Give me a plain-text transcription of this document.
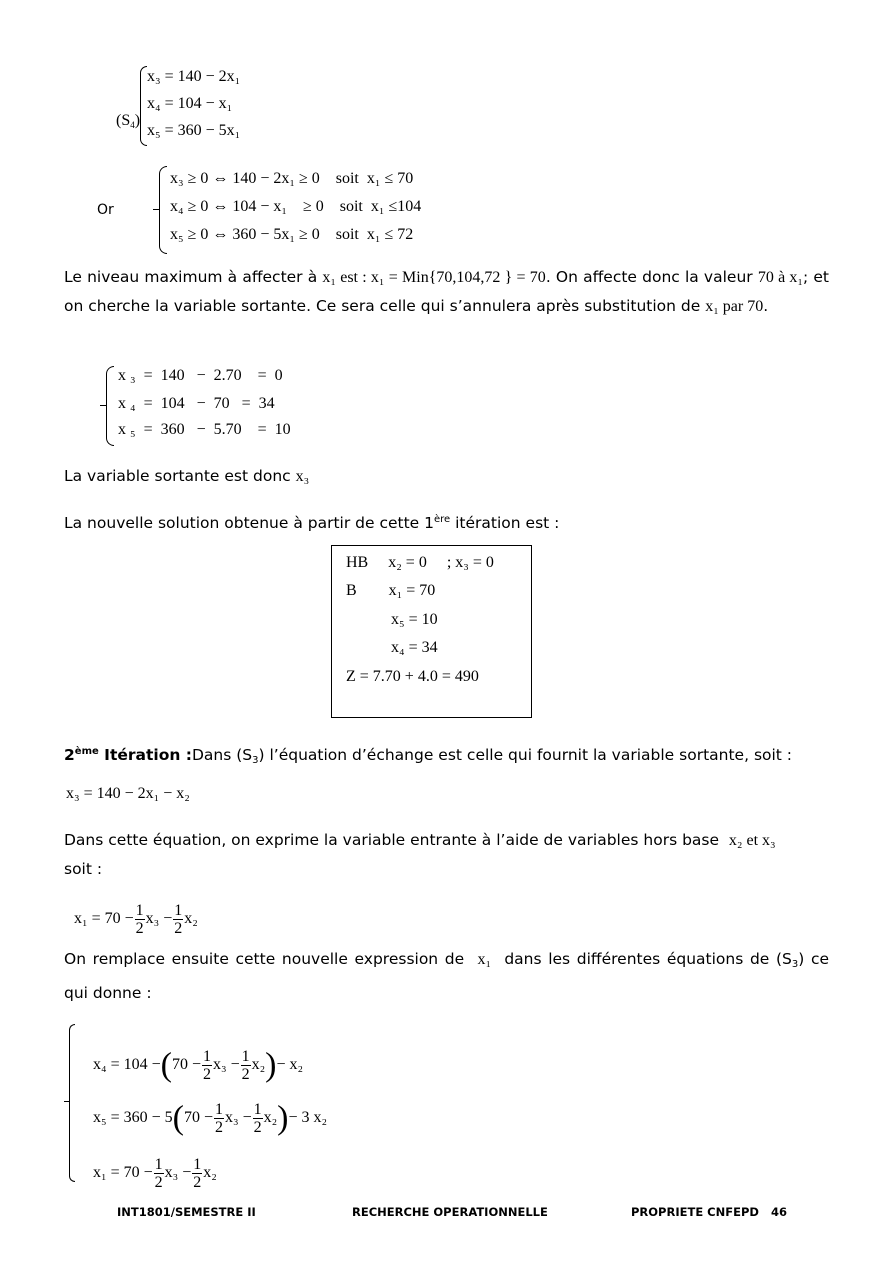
$(S_4)$

x₃ = 140 − 2x₁
x₄ = 104 − x₁
x₅ = 360 − 5x₁
Or
x₃ ≥ 0 ⇔ 140 − 2x₁ ≥ 0    soit  x₁ ≤ 70
x₄ ≥ 0 ⇔ 104 − x₁    ≥ 0    soit  x₁ ≤104
x₅ ≥ 0 ⇔ 360 − 5x₁ ≥ 0    soit  x₁ ≤ 72
Le niveau maximum à affecter à x₁ est : x₁ = Min{70,104,72 } = 70. On affecte donc la valeur 70 à x₁; et on cherche la variable sortante. Ce sera celle qui s’annulera après substitution de x₁ par 70.
x ₃  =  140   −  2.70    =  0
x ₄  =  104   −  70   =  34
x ₅  =  360   −  5.70    =  10
La variable sortante est donc x₃
La nouvelle solution obtenue à partir de cette 1ère itération est :
HB     x₂ = 0     ; x₃ = 0
B        x₁ = 70
x₅ = 10
x₄ = 34
Z = 7.70 + 4.0 = 490
2ème Itération :Dans $(S_3)$ l’équation d’échange est celle qui fournit la variable sortante, soit :
x₃ = 140 − 2x₁ − x₂
Dans cette équation, on exprime la variable entrante à l’aide de variables hors base x₂ et x₃
soit :

$x_1 = 70 - \frac{1}{2} x_3 - \frac{1}{2} x_2$

On remplace ensuite cette nouvelle expression de x₁ dans les différentes équations de $(S_3)$ ce qui donne :

$x_4 = 104 -(70 - \frac{1}{2} x_3 - \frac{1}{2} x_2)- x_2$

$x_5 = 360 - 5(70 - \frac{1}{2} x_3 - \frac{1}{2} x_2)- 3$ x₂

$x_1 = 70 - \frac{1}{2} x_3 - \frac{1}{2} x_2$

INT1801/SEMESTRE II	RECHERCHE OPERATIONNELLE	PROPRIETE CNFEPD 46
